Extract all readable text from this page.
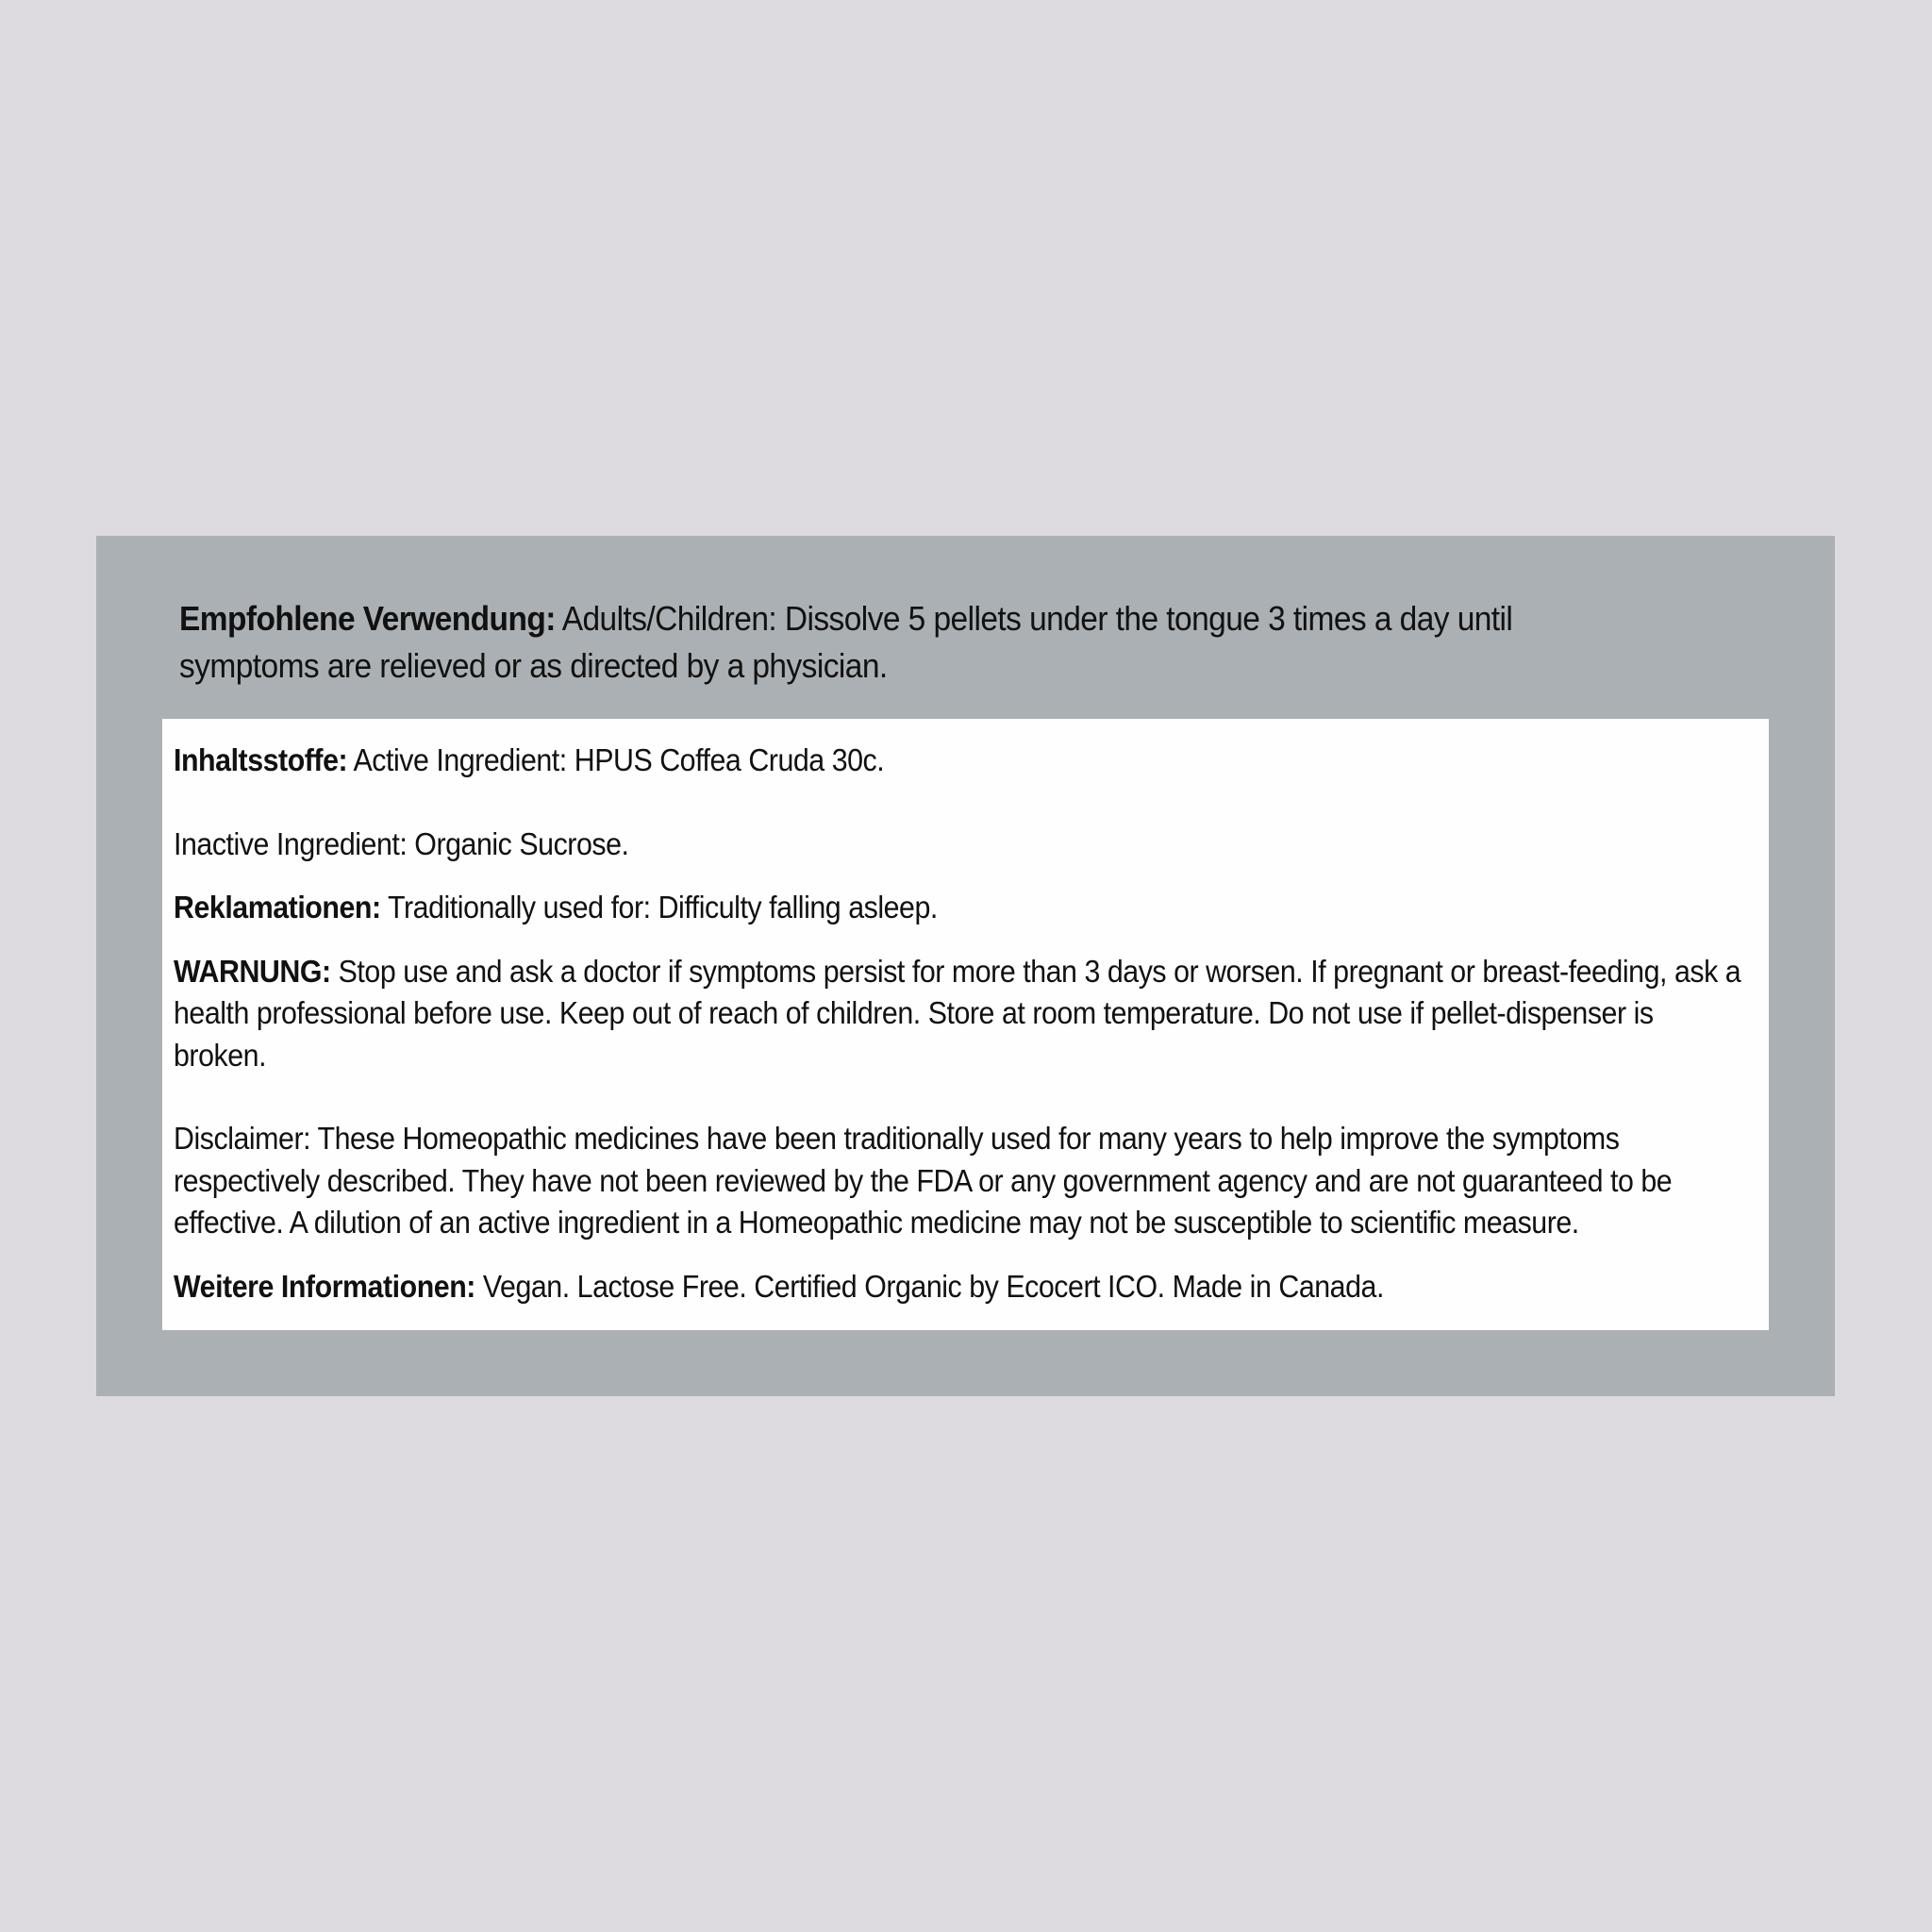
Empfohlene Verwendung: Adults/Children: Dissolve 5 pellets under the tongue 3 times a day until symptoms are relieved or as directed by a physician.

Inhaltsstoffe: Active Ingredient: HPUS Coffea Cruda 30c.

Inactive Ingredient: Organic Sucrose.

Reklamationen: Traditionally used for: Difficulty falling asleep.

WARNUNG: Stop use and ask a doctor if symptoms persist for more than 3 days or worsen. If pregnant or breast-feeding, ask a health professional before use. Keep out of reach of children. Store at room temperature. Do not use if pellet-dispenser is broken.

Disclaimer: These Homeopathic medicines have been traditionally used for many years to help improve the symptoms respectively described. They have not been reviewed by the FDA or any government agency and are not guaranteed to be effective. A dilution of an active ingredient in a Homeopathic medicine may not be susceptible to scientific measure.

Weitere Informationen: Vegan. Lactose Free. Certified Organic by Ecocert ICO. Made in Canada.
